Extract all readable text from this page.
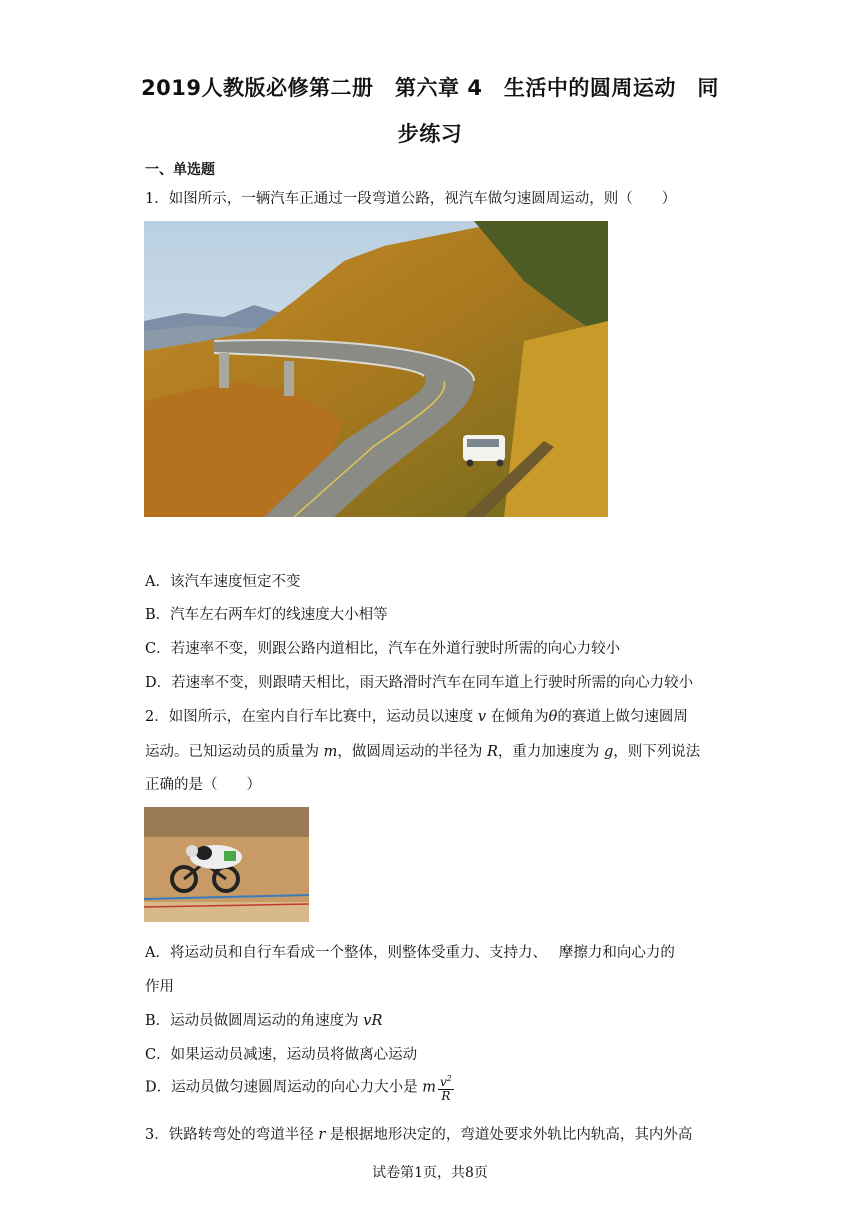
2019人教版必修第二册　第六章 4　生活中的圆周运动　同
步练习
一、单选题
1．如图所示，一辆汽车正通过一段弯道公路，视汽车做匀速圆周运动，则（　　）
A．该汽车速度恒定不变
B．汽车左右两车灯的线速度大小相等
C．若速率不变，则跟公路内道相比，汽车在外道行驶时所需的向心力较小
D．若速率不变，则跟晴天相比，雨天路滑时汽车在同车道上行驶时所需的向心力较小
2．如图所示，在室内自行车比赛中，运动员以速度 v 在倾角为θ的赛道上做匀速圆周
运动。已知运动员的质量为 m，做圆周运动的半径为 R，重力加速度为 g，则下列说法
正确的是（　　）
A．将运动员和自行车看成一个整体，则整体受重力、支持力、　 摩擦力和向心力的
作用
B．运动员做圆周运动的角速度为 vR
C．如果运动员减速，运动员将做离心运动
D．运动员做匀速圆周运动的向心力大小是 m $\frac{v^2}{R}$
3．铁路转弯处的弯道半径 r 是根据地形决定的，弯道处要求外轨比内轨高，其内外高
试卷第1页，共8页
